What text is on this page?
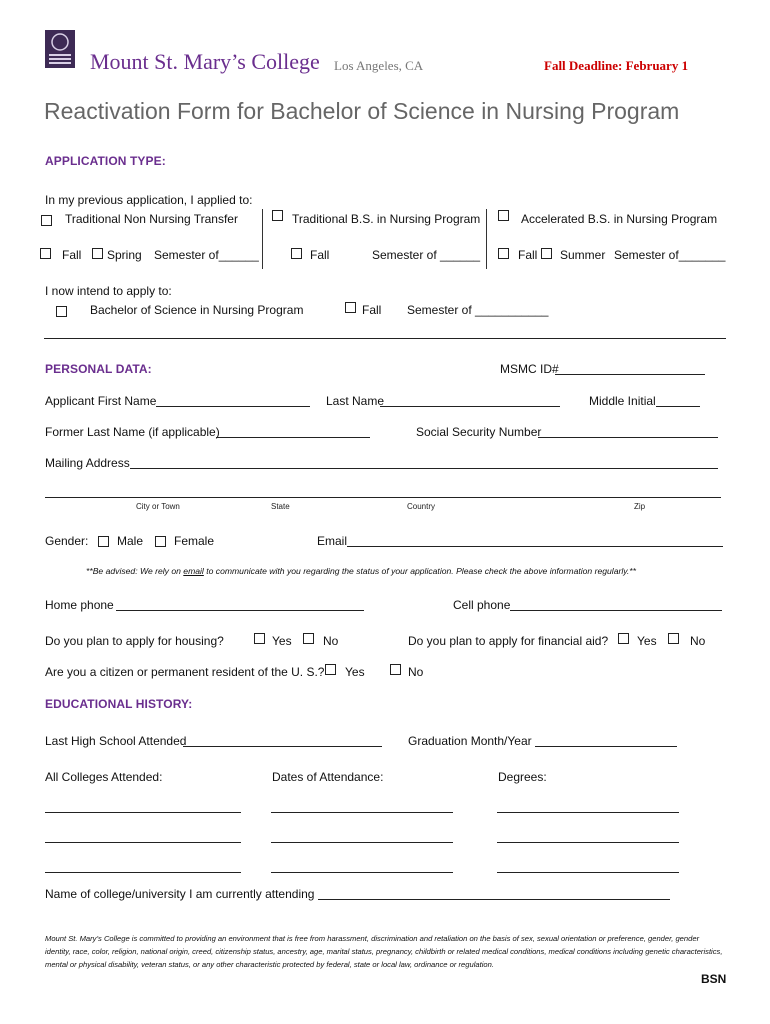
Mount St. Mary’s College Los Angeles, CA	Fall Deadline: February 1
Reactivation Form for Bachelor of Science in Nursing Program
APPLICATION TYPE:
In my previous application, I applied to:
Traditional Non Nursing Transfer	Traditional B.S. in Nursing Program	Accelerated B.S. in Nursing Program
Fall Spring Semester of______	Fall	Semester of ______	Fall Summer Semester of_______
I now intend to apply to:
Bachelor of Science in Nursing Program	Fall Semester of ___________
PERSONAL DATA:	MSMC ID#
Applicant First Name	Last Name	Middle Initial
Former Last Name (if applicable)	Social Security Number
Mailing Address
City or Town	State	Country	Zip
Gender: Male	Female	Email
**Be advised: We rely on email to communicate with you regarding the status of your application. Please check the above information regularly.**
Home phone	Cell phone
Do you plan to apply for housing?	Yes	No	Do you plan to apply for financial aid? Yes	No
Are you a citizen or permanent resident of the U. S.? Yes	No
EDUCATIONAL HISTORY:
Last High School Attended	Graduation Month/Year
All Colleges Attended:	Dates of Attendance:	Degrees:
Name of college/university I am currently attending
Mount St. Mary’s College is committed to providing an environment that is free from harassment, discrimination and retaliation on the basis of sex, sexual orientation or preference, gender, gender identity, race, color, religion, national origin, creed, citizenship status, ancestry, age, marital status, pregnancy, childbirth or related medical conditions, medical conditions including genetic characteristics, mental or physical disability, veteran status, or any other characteristic protected by federal, state or local law, ordinance or regulation.
BSN
